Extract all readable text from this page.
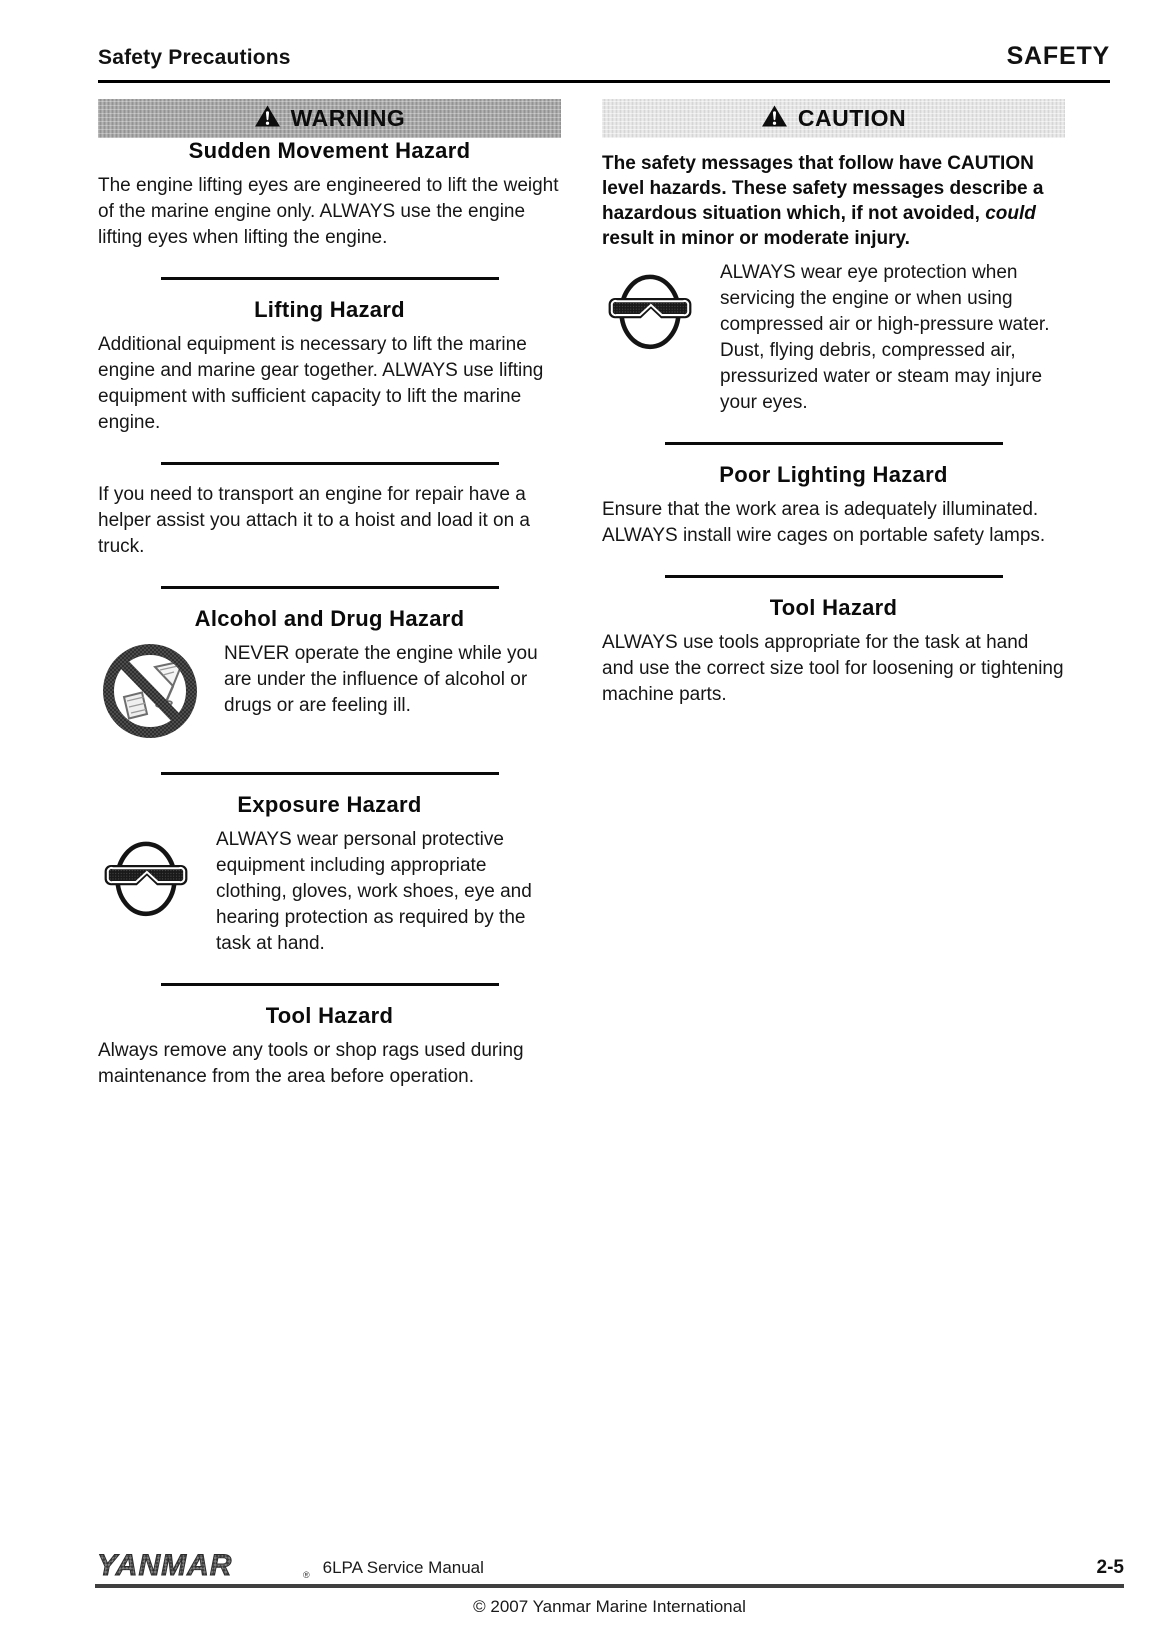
Safety Precautions	SAFETY
WARNING
Sudden Movement Hazard

The engine lifting eyes are engineered to lift the weight of the marine engine only. ALWAYS use the engine lifting eyes when lifting the engine.

Lifting Hazard

Additional equipment is necessary to lift the marine engine and marine gear together. ALWAYS use lifting equipment with sufficient capacity to lift the marine engine.

If you need to transport an engine for repair have a helper assist you attach it to a hoist and load it on a truck.

Alcohol and Drug Hazard

NEVER operate the engine while you are under the influence of alcohol or drugs or are feeling ill.

Exposure Hazard

ALWAYS wear personal protective equipment including appropriate clothing, gloves, work shoes, eye and hearing protection as required by the task at hand.

Tool Hazard

Always remove any tools or shop rags used during maintenance from the area before operation.

CAUTION

The safety messages that follow have CAUTION level hazards. These safety messages describe a hazardous situation which, if not avoided, could result in minor or moderate injury.

ALWAYS wear eye protection when servicing the engine or when using compressed air or high-pressure water. Dust, flying debris, compressed air, pressurized water or steam may injure your eyes.

Poor Lighting Hazard

Ensure that the work area is adequately illuminated. ALWAYS install wire cages on portable safety lamps.

Tool Hazard

ALWAYS use tools appropriate for the task at hand and use the correct size tool for loosening or tightening machine parts.

YANMAR	® 6LPA Service Manual	2-5
© 2007 Yanmar Marine International
